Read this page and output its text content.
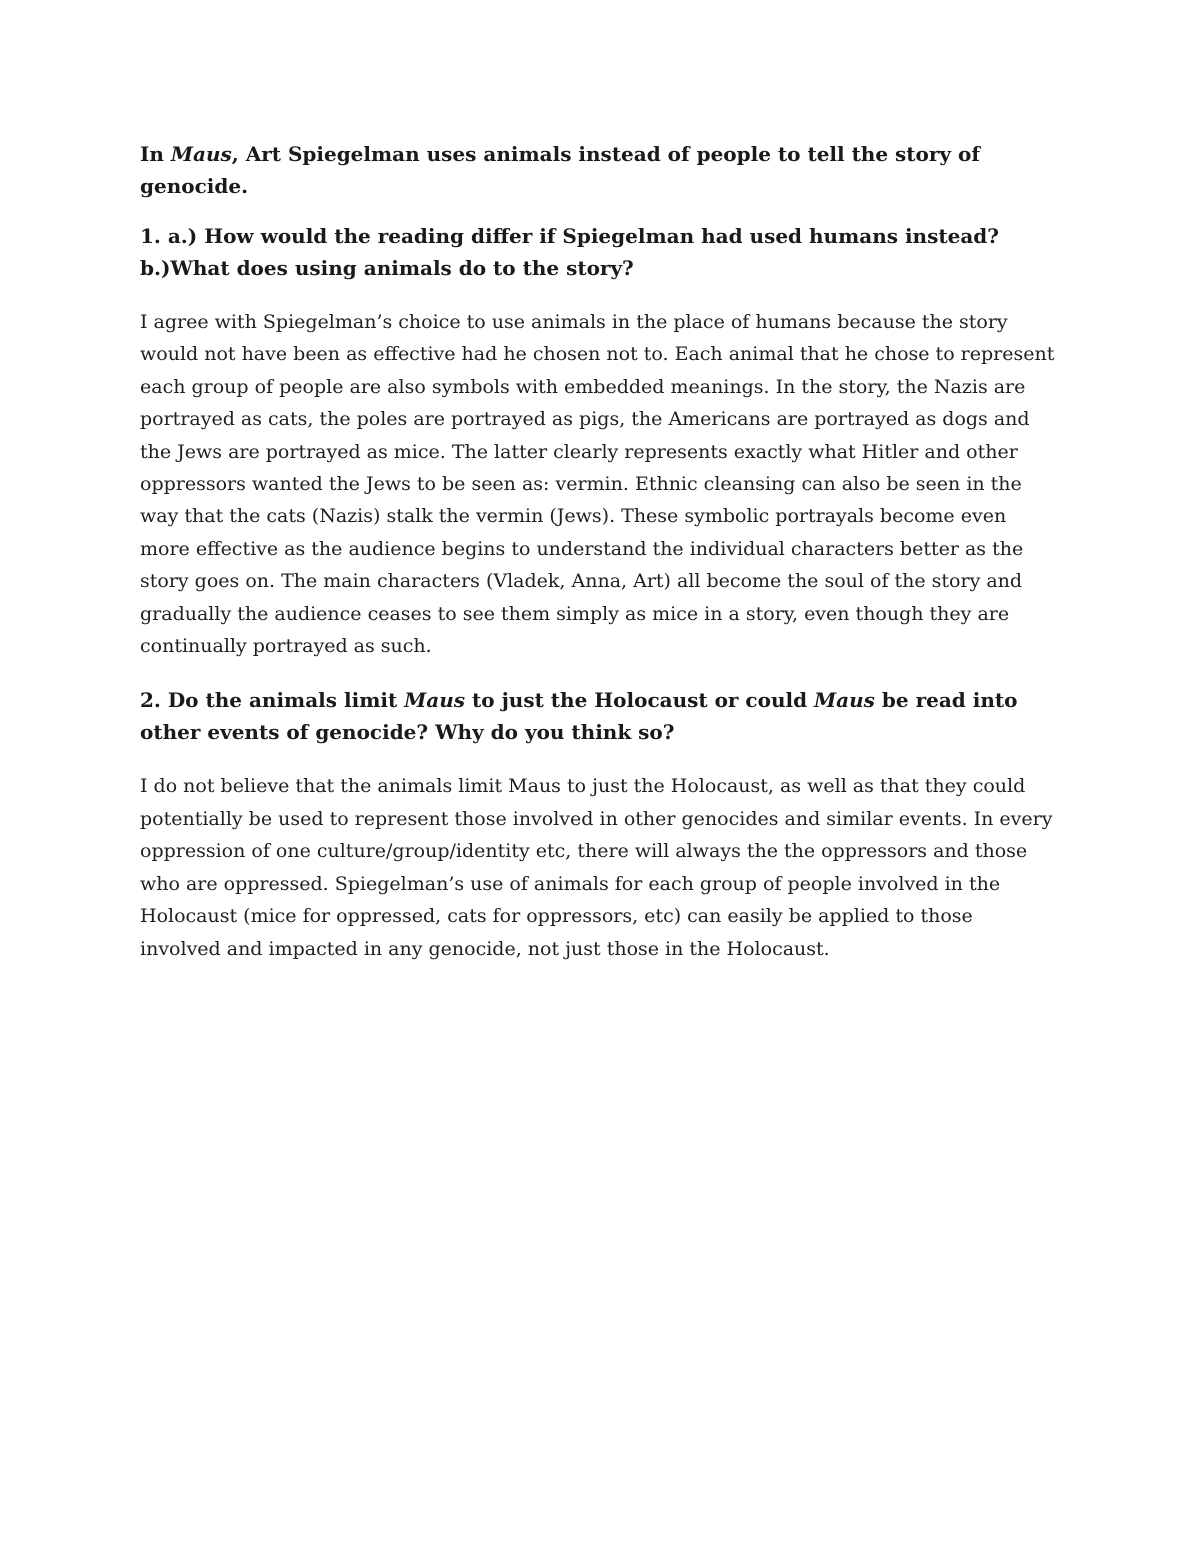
In Maus, Art Spiegelman uses animals instead of people to tell the story of genocide.

1. a.) How would the reading differ if Spiegelman had used humans instead? b.)What does using animals do to the story?

I agree with Spiegelman’s choice to use animals in the place of humans because the story would not have been as effective had he chosen not to. Each animal that he chose to represent each group of people are also symbols with embedded meanings. In the story, the Nazis are portrayed as cats, the poles are portrayed as pigs, the Americans are portrayed as dogs and the Jews are portrayed as mice. The latter clearly represents exactly what Hitler and other oppressors wanted the Jews to be seen as: vermin. Ethnic cleansing can also be seen in the way that the cats (Nazis) stalk the vermin (Jews). These symbolic portrayals become even more effective as the audience begins to understand the individual characters better as the story goes on. The main characters (Vladek, Anna, Art) all become the soul of the story and gradually the audience ceases to see them simply as mice in a story, even though they are continually portrayed as such.

2. Do the animals limit Maus to just the Holocaust or could Maus be read into other events of genocide? Why do you think so?

I do not believe that the animals limit Maus to just the Holocaust, as well as that they could potentially be used to represent those involved in other genocides and similar events. In every oppression of one culture/group/identity etc, there will always the the oppressors and those who are oppressed. Spiegelman’s use of animals for each group of people involved in the Holocaust (mice for oppressed, cats for oppressors, etc) can easily be applied to those involved and impacted in any genocide, not just those in the Holocaust.
